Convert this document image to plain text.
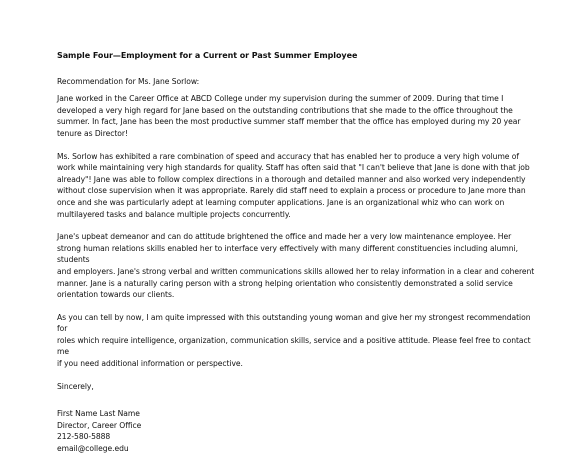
Sample Four—Employment for a Current or Past Summer Employee
Recommendation for Ms. Jane Sorlow:
Jane worked in the Career Office at ABCD College under my supervision during the summer of 2009. During that time I
developed a very high regard for Jane based on the outstanding contributions that she made to the office throughout the
summer. In fact, Jane has been the most productive summer staff member that the office has employed during my 20 year
tenure as Director!
Ms. Sorlow has exhibited a rare combination of speed and accuracy that has enabled her to produce a very high volume of
work while maintaining very high standards for quality. Staff has often said that "I can't believe that Jane is done with that job
already"! Jane was able to follow complex directions in a thorough and detailed manner and also worked very independently
without close supervision when it was appropriate. Rarely did staff need to explain a process or procedure to Jane more than
once and she was particularly adept at learning computer applications. Jane is an organizational whiz who can work on
multilayered tasks and balance multiple projects concurrently.
Jane's upbeat demeanor and can do attitude brightened the office and made her a very low maintenance employee. Her
strong human relations skills enabled her to interface very effectively with many different constituencies including alumni, students
and employers. Jane's strong verbal and written communications skills allowed her to relay information in a clear and coherent
manner. Jane is a naturally caring person with a strong helping orientation who consistently demonstrated a solid service
orientation towards our clients.
As you can tell by now, I am quite impressed with this outstanding young woman and give her my strongest recommendation for
roles which require intelligence, organization, communication skills, service and a positive attitude. Please feel free to contact me
if you need additional information or perspective.
Sincerely,
First Name Last Name
Director, Career Office
212-580-5888
email@college.edu
